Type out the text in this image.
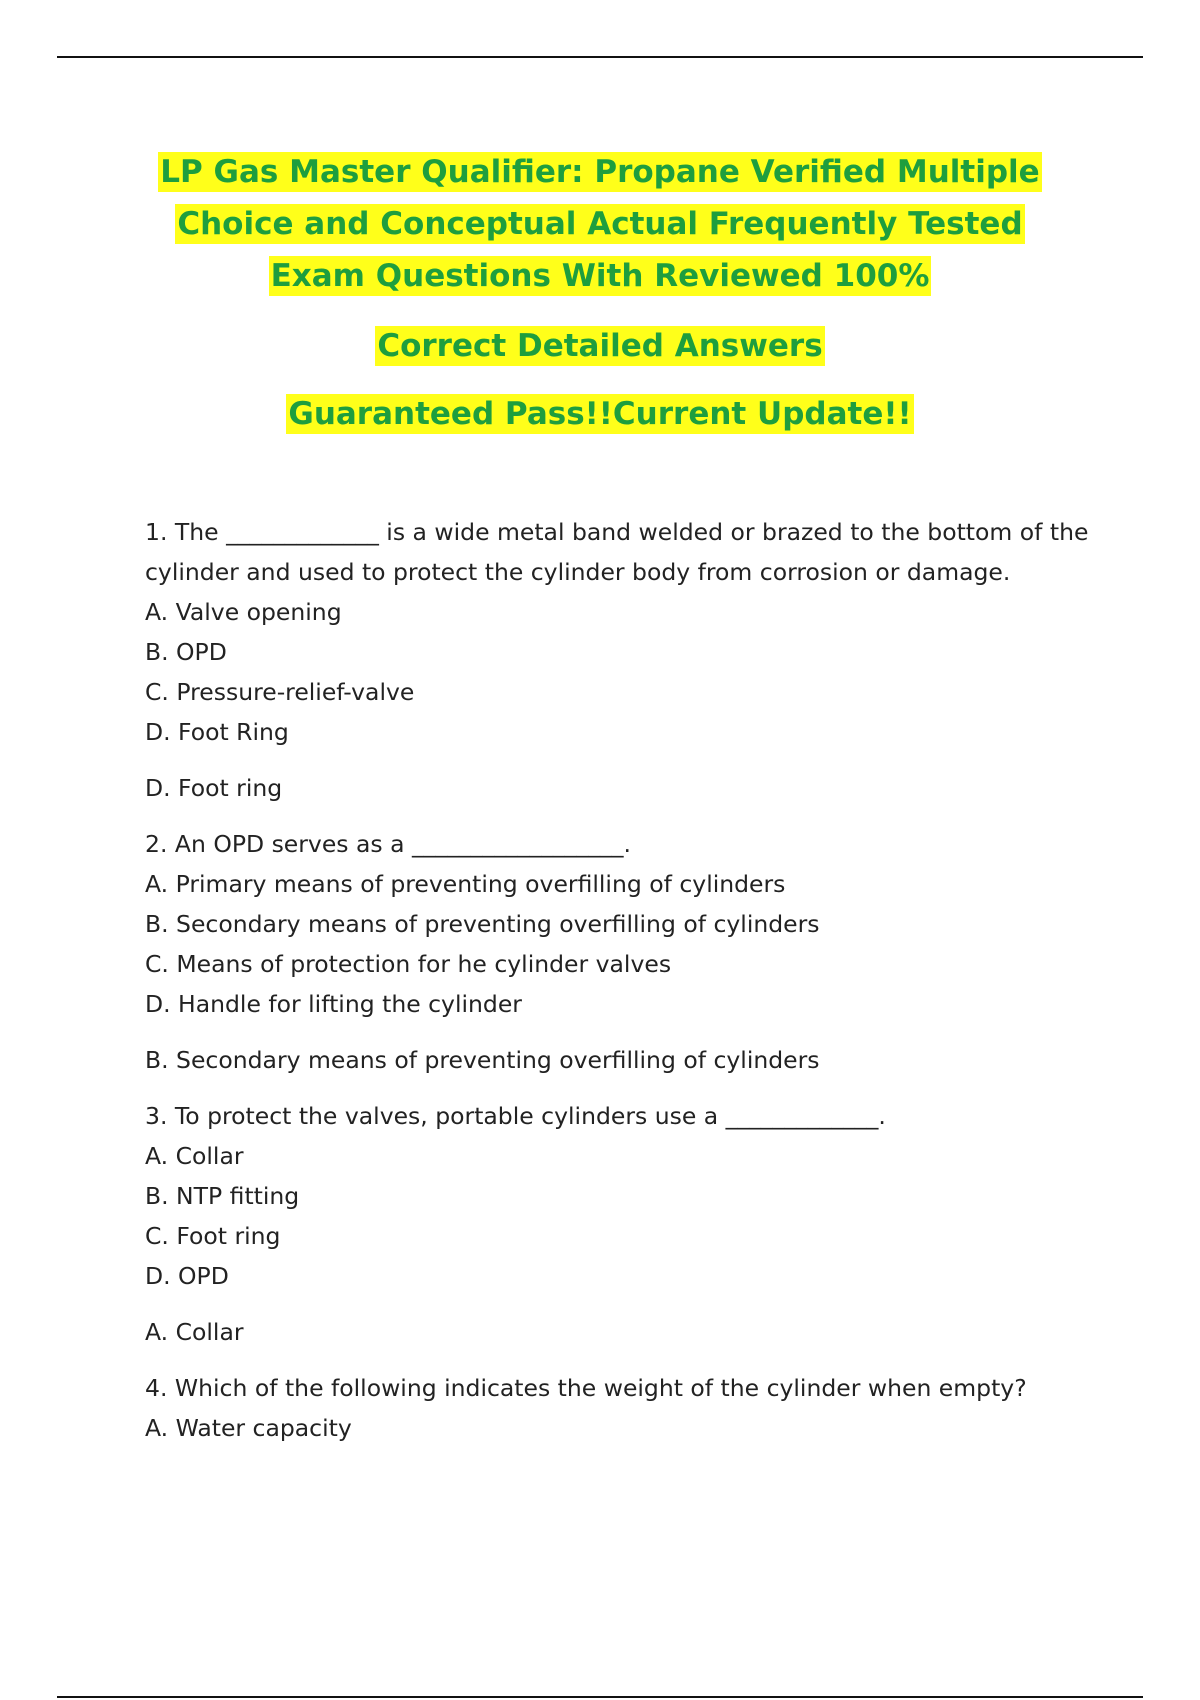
LP Gas Master Qualifier: Propane Verified Multiple
Choice and Conceptual Actual Frequently Tested
Exam Questions With Reviewed 100%
Correct Detailed Answers
Guaranteed Pass!!Current Update!!
1. The _____________ is a wide metal band welded or brazed to the bottom of the
cylinder and used to protect the cylinder body from corrosion or damage.
A. Valve opening
B. OPD
C. Pressure-relief-valve
D. Foot Ring
D. Foot ring
2. An OPD serves as a __________________.
A. Primary means of preventing overfilling of cylinders
B. Secondary means of preventing overfilling of cylinders
C. Means of protection for he cylinder valves
D. Handle for lifting the cylinder
B. Secondary means of preventing overfilling of cylinders
3. To protect the valves, portable cylinders use a _____________.
A. Collar
B. NTP fitting
C. Foot ring
D. OPD
A. Collar
4. Which of the following indicates the weight of the cylinder when empty?
A. Water capacity
